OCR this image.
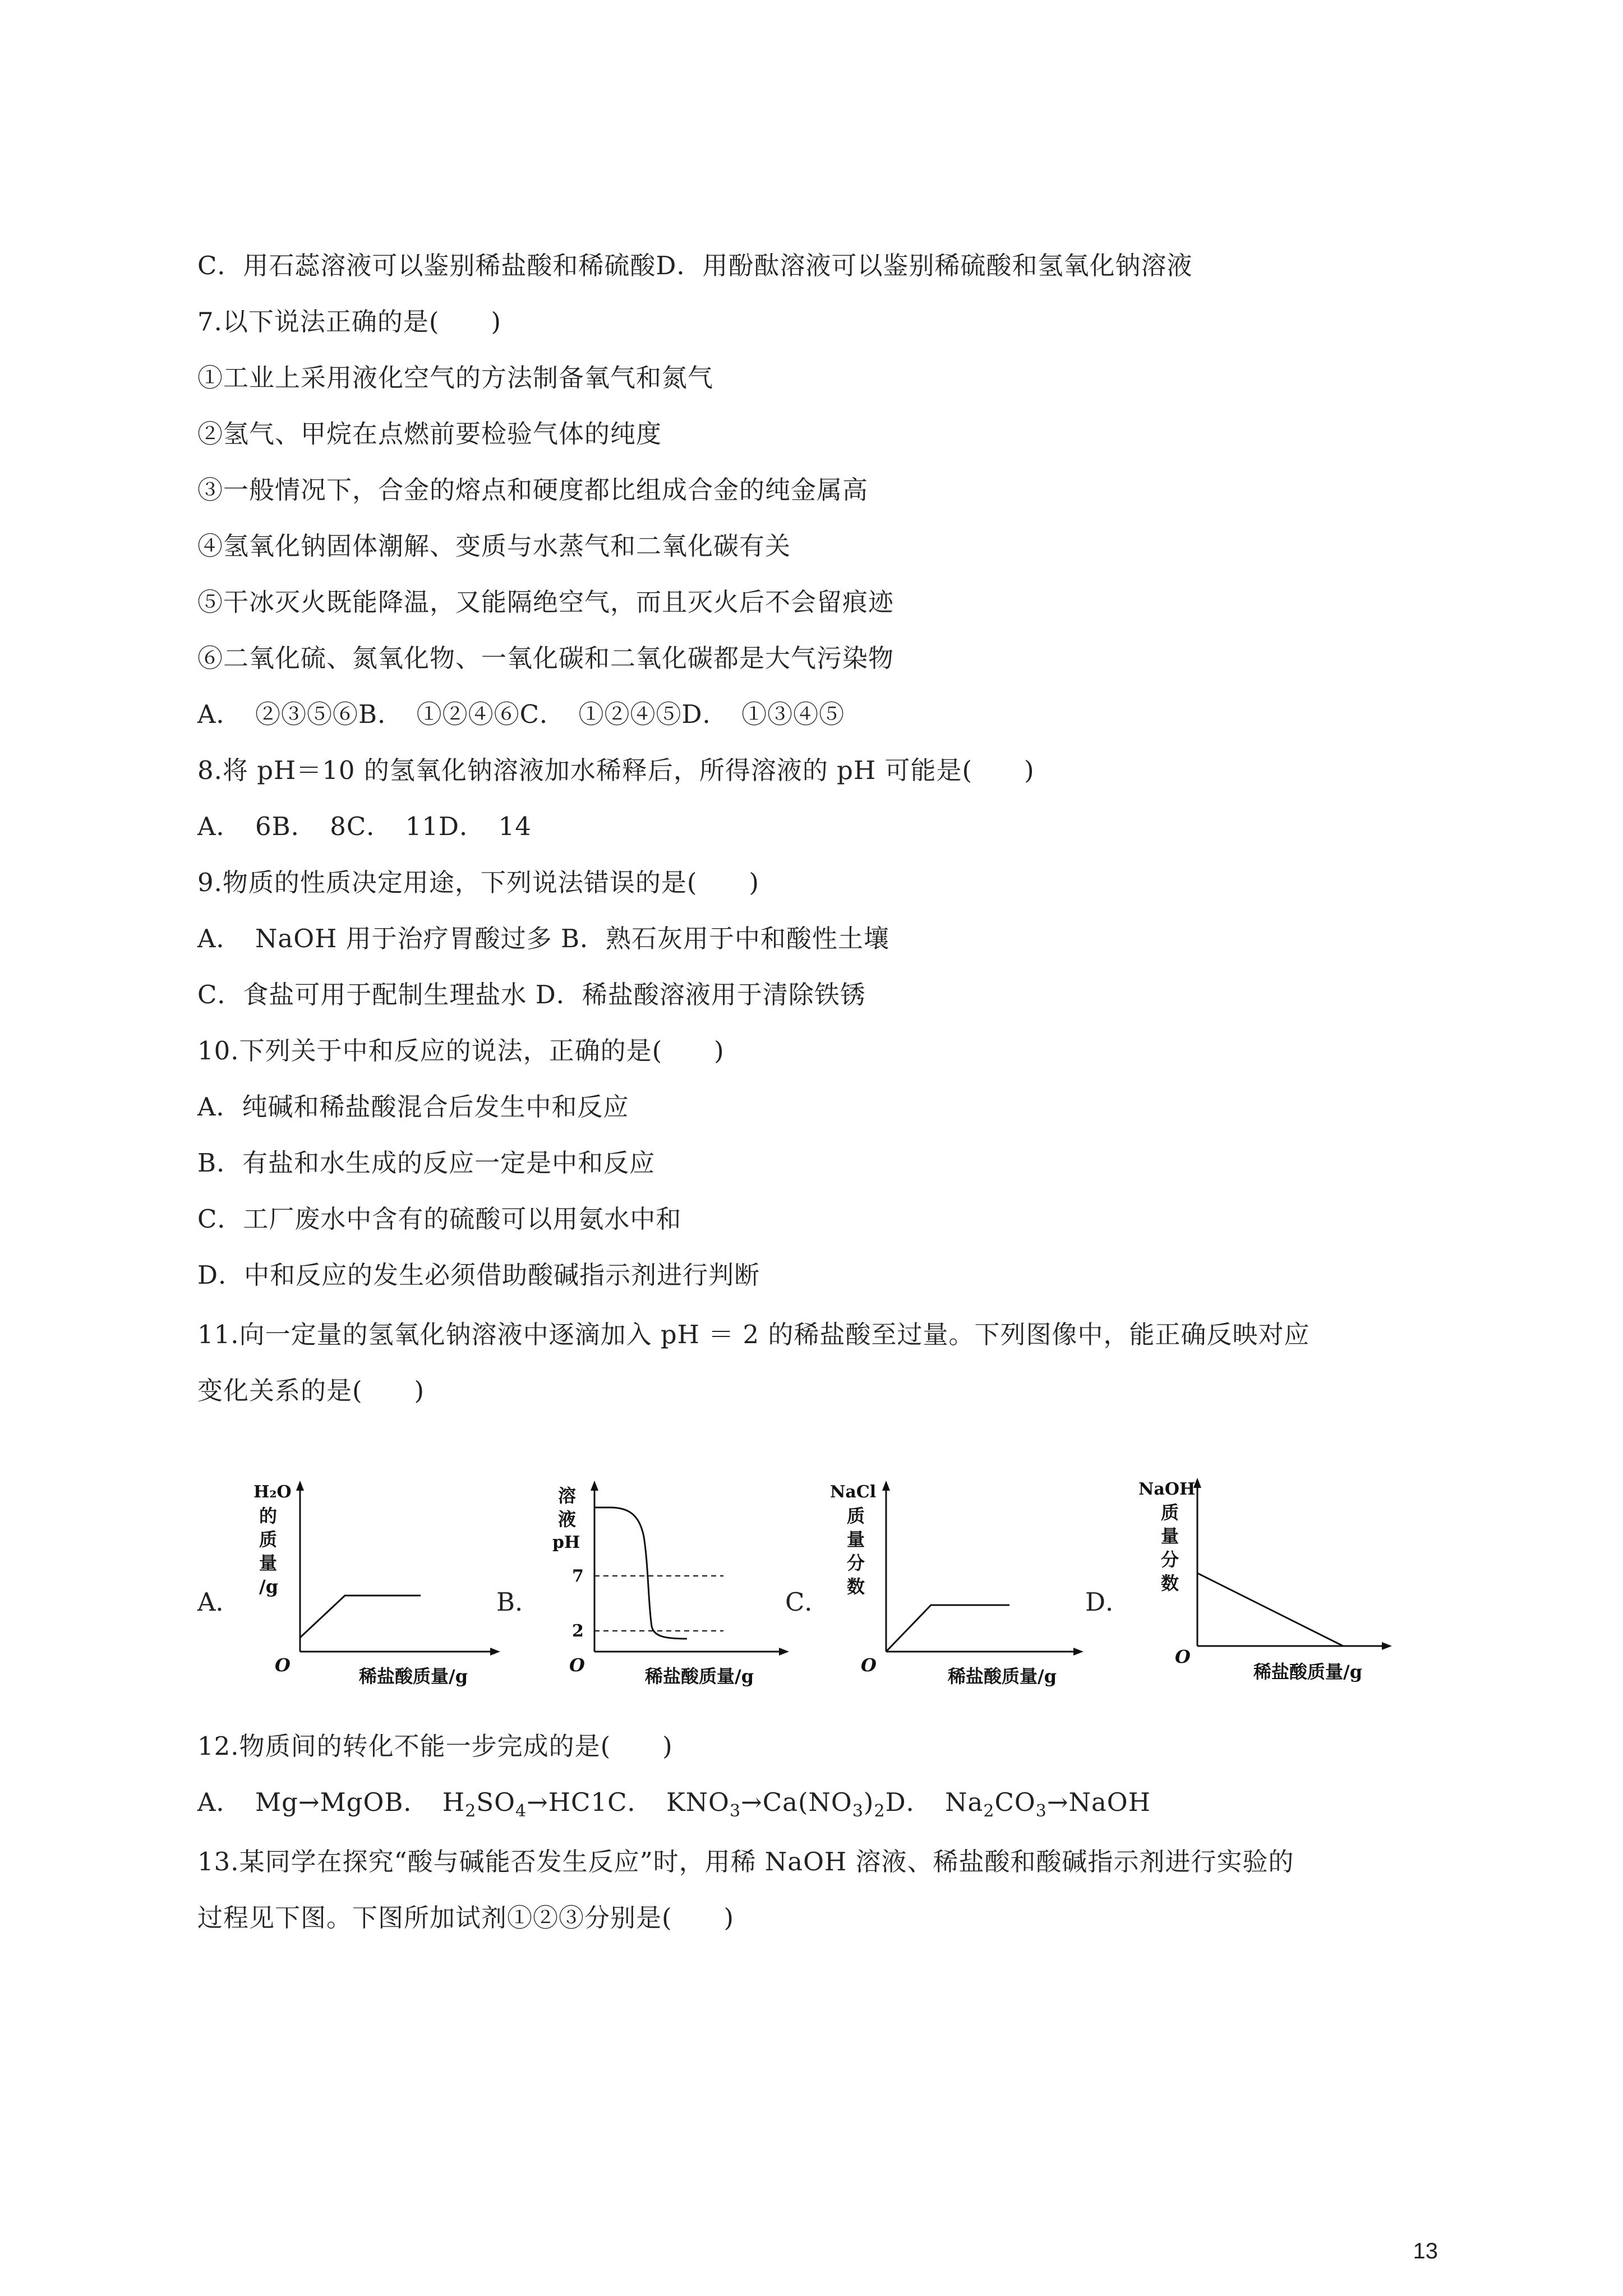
C．用石蕊溶液可以鉴别稀盐酸和稀硫酸D．用酚酞溶液可以鉴别稀硫酸和氢氧化钠溶液
7.以下说法正确的是(　　)
①工业上采用液化空气的方法制备氧气和氮气
②氢气、甲烷在点燃前要检验气体的纯度
③一般情况下，合金的熔点和硬度都比组成合金的纯金属高
④氢氧化钠固体潮解、变质与水蒸气和二氧化碳有关
⑤干冰灭火既能降温，又能隔绝空气，而且灭火后不会留痕迹
⑥二氧化硫、氮氧化物、一氧化碳和二氧化碳都是大气污染物
A．　②③⑤⑥B．　①②④⑥C．　①②④⑤D．　①③④⑤
8.将 pH＝10 的氢氧化钠溶液加水稀释后，所得溶液的 pH 可能是(　　)
A．　6B．　8C．　11D．　14
9.物质的性质决定用途，下列说法错误的是(　　)
A．　NaOH 用于治疗胃酸过多 B．熟石灰用于中和酸性土壤
C．食盐可用于配制生理盐水 D．稀盐酸溶液用于清除铁锈
10.下列关于中和反应的说法，正确的是(　　)
A．纯碱和稀盐酸混合后发生中和反应
B．有盐和水生成的反应一定是中和反应
C．工厂废水中含有的硫酸可以用氨水中和
D．中和反应的发生必须借助酸碱指示剂进行判断
11.向一定量的氢氧化钠溶液中逐滴加入 pH ＝ 2 的稀盐酸至过量。下列图像中，能正确反映对应
变化关系的是(　　)
A．	B．	C．	D．
H₂O
的
质
量
/g
O
稀盐酸质量/g
溶
液
pH
7
2
O
稀盐酸质量/g
NaCl
质
量
分
数
O
稀盐酸质量/g
NaOH
质
量
分
数
O
稀盐酸质量/g
12.物质间的转化不能一步完成的是(　　)
A．　Mg→MgOB．　$H_2SO_4\to HC1C$．　$KNO_3\to Ca(NO_3)_2D$．　$Na_2CO_3\to NaOH$
13.某同学在探究“酸与碱能否发生反应”时，用稀 NaOH 溶液、稀盐酸和酸碱指示剂进行实验的
过程见下图。下图所加试剂①②③分别是(　　)
13
